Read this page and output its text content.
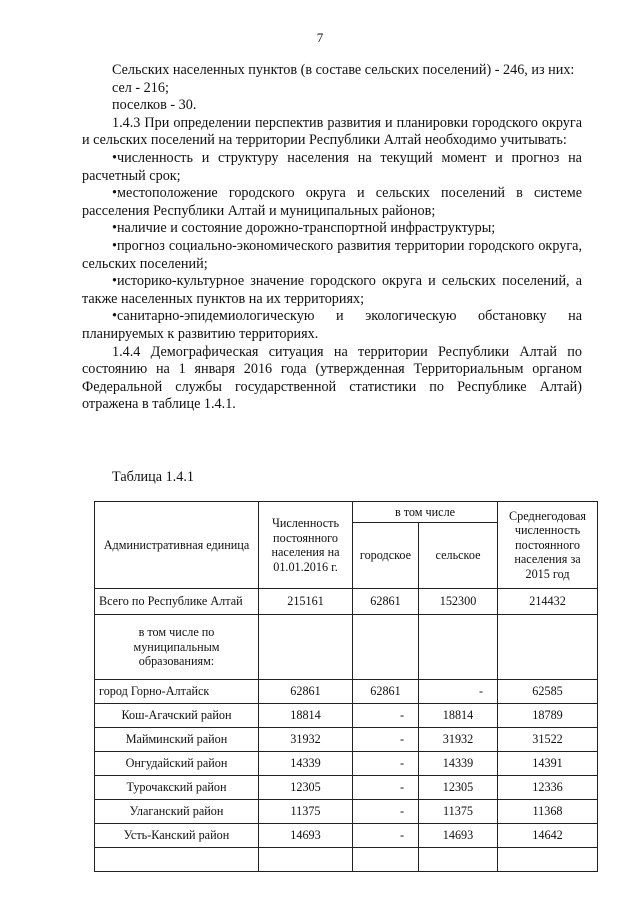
7

Сельских населенных пунктов (в составе сельских поселений) - 246, из них:

сел - 216;

поселков - 30.

1.4.3 При определении перспектив развития и планировки городского округа и сельских поселений на территории Республики Алтай необходимо учитывать:

•численность и структуру населения на текущий момент и прогноз на расчетный срок;

•местоположение городского округа и сельских поселений в системе расселения Республики Алтай и муниципальных районов;

•наличие и состояние дорожно-транспортной инфраструктуры;

•прогноз социально-экономического развития территории городского округа, сельских поселений;

•историко-культурное значение городского округа и сельских поселений, а также населенных пунктов на их территориях;

•санитарно-эпидемиологическую и экологическую обстановку на планируемых к развитию территориях.

1.4.4 Демографическая ситуация на территории Республики Алтай по состоянию на 1 января 2016 года (утвержденная Территориальным органом Федеральной службы государственной статистики по Республике Алтай) отражена в таблице 1.4.1.

Таблица 1.4.1
Административная единица	Численность постоянного населения на 01.01.2016 г.	в том числе		Среднегодовая численность постоянного населения за 2015 год
		городское	сельское	
Всего по Республике Алтай	215161	62861	152300	214432
в том числе по муниципальным образованиям:				
город Горно-Алтайск	62861	62861	-	62585
Кош-Агачский район	18814	-	18814	18789
Майминский район	31932	-	31932	31522
Онгудайский район	14339	-	14339	14391
Турочакский район	12305	-	12305	12336
Улаганский район	11375	-	11375	11368
Усть-Канский район	14693	-	14693	14642
